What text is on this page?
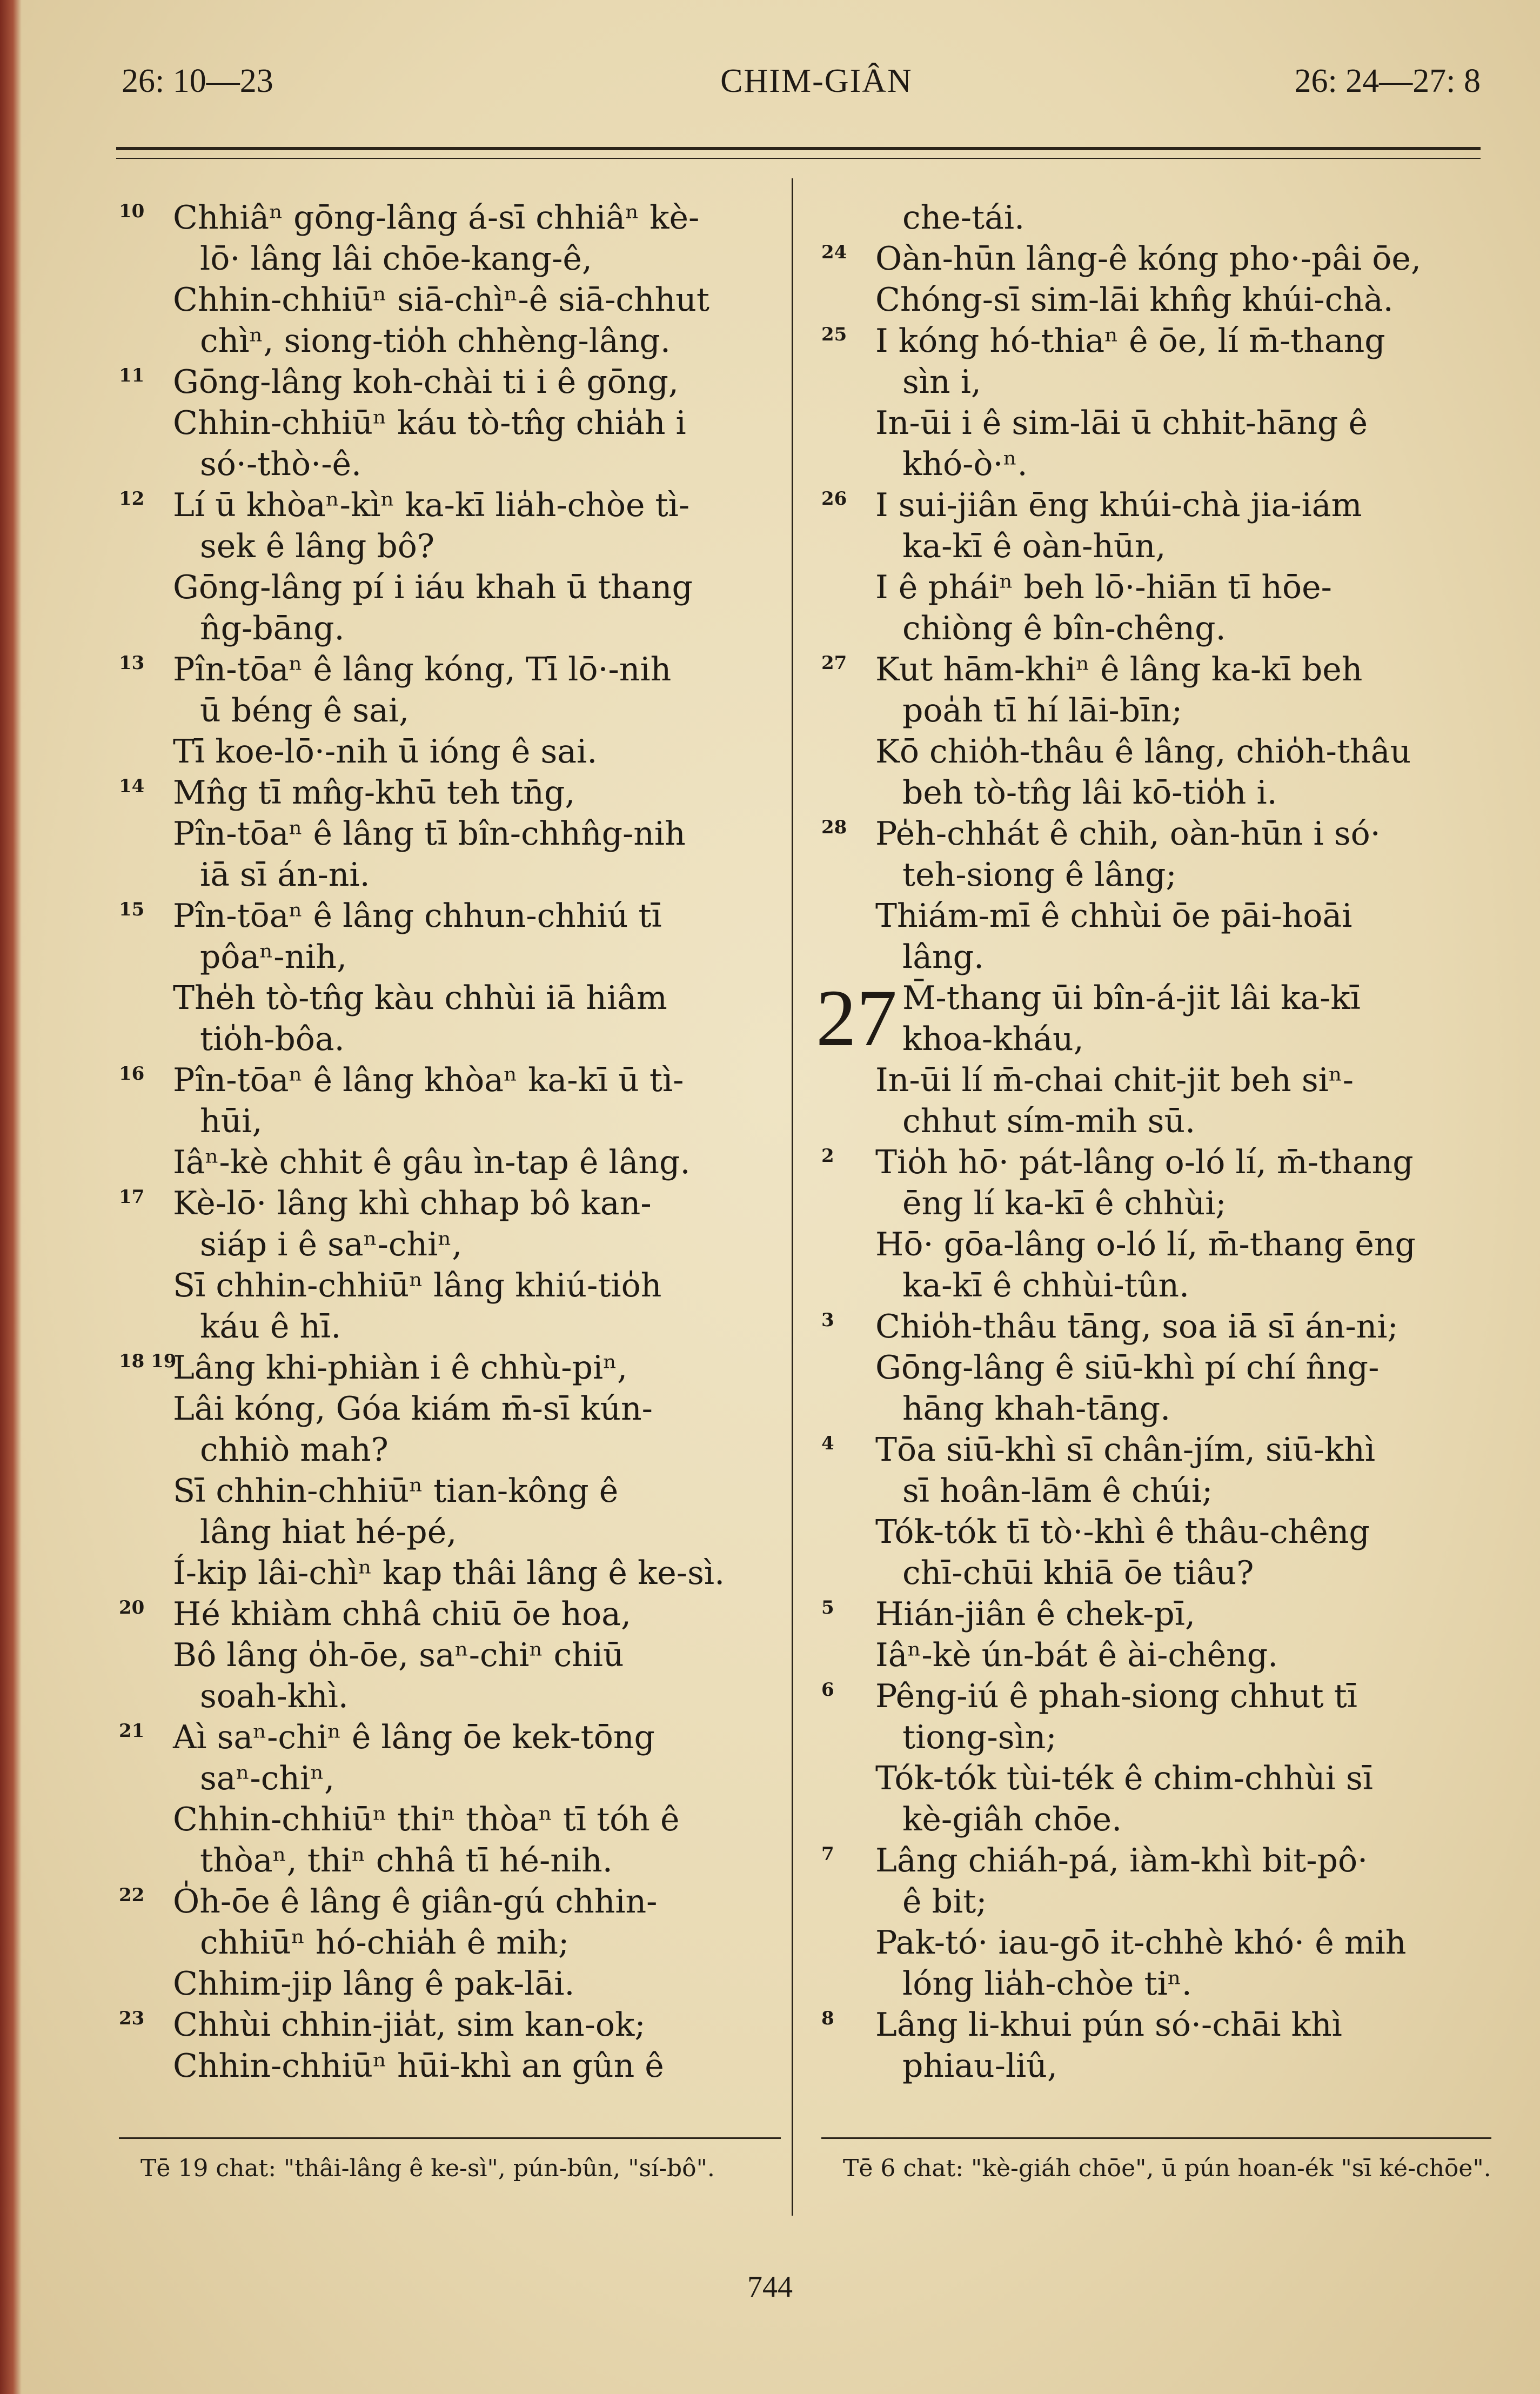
26: 10—23	CHIM-GIÂN	26: 24—27: 8
10 Chhiâⁿ gōng-lâng á-sī chhiâⁿ kè-
lō· lâng lâi chōe-kang-ê,
Chhin-chhiūⁿ siā-chìⁿ-ê siā-chhut
chìⁿ, siong-tio̍h chhèng-lâng.
11 Gōng-lâng koh-chài ti i ê gōng,
Chhin-chhiūⁿ káu tò-tn̂g chia̍h i
só·-thò·-ê.
12 Lí ū khòaⁿ-kìⁿ ka-kī lia̍h-chòe tì-
sek ê lâng bô?
Gōng-lâng pí i iáu khah ū thang
n̂g-bāng.
13 Pîn-tōaⁿ ê lâng kóng, Tī lō·-nih
ū béng ê sai,
Tī koe-lō·-nih ū ióng ê sai.
14 Mn̂g tī mn̂g-khū teh tn̄g,
Pîn-tōaⁿ ê lâng tī bîn-chhn̂g-nih
iā sī án-ni.
15 Pîn-tōaⁿ ê lâng chhun-chhiú tī
pôaⁿ-nih,
The̍h tò-tn̂g kàu chhùi iā hiâm
tio̍h-bôa.
16 Pîn-tōaⁿ ê lâng khòaⁿ ka-kī ū tì-
hūi,
Iâⁿ-kè chhit ê gâu ìn-tap ê lâng.
17 Kè-lō· lâng khì chhap bô kan-
siáp i ê saⁿ-chiⁿ,
Sī chhin-chhiūⁿ lâng khiú-tio̍h
káu ê hī.
18 19
Lâng khi-phiàn i ê chhù-piⁿ,
Lâi kóng, Góa kiám m̄-sī kún-
chhiò mah?
Sī chhin-chhiūⁿ tian-kông ê
lâng hiat hé-pé,
Í-kip lâi-chìⁿ kap thâi lâng ê ke-sì.
20 Hé khiàm chhâ chiū ōe hoa,
Bô lâng o̍h-ōe, saⁿ-chiⁿ chiū
soah-khì.
21 Aì saⁿ-chiⁿ ê lâng ōe kek-tōng
saⁿ-chiⁿ,
Chhin-chhiūⁿ thiⁿ thòaⁿ tī tóh ê
thòaⁿ, thiⁿ chhâ tī hé-nih.
22 O̍h-ōe ê lâng ê giân-gú chhin-
chhiūⁿ hó-chia̍h ê mih;
Chhim-jip lâng ê pak-lāi.
23 Chhùi chhin-jia̍t, sim kan-ok;
Chhin-chhiūⁿ hūi-khì an gûn ê
che-tái.
24 Oàn-hūn lâng-ê kóng pho·-pâi ōe,
Chóng-sī sim-lāi khn̂g khúi-chà.
25 I kóng hó-thiaⁿ ê ōe, lí m̄-thang
sìn i,
In-ūi i ê sim-lāi ū chhit-hāng ê
khó-ò·ⁿ.
26 I sui-jiân ēng khúi-chà jia-iám
ka-kī ê oàn-hūn,
I ê pháiⁿ beh lō·-hiān tī hōe-
chiòng ê bîn-chêng.
27 Kut hām-khiⁿ ê lâng ka-kī beh
poa̍h tī hí lāi-bīn;
Kō chio̍h-thâu ê lâng, chio̍h-thâu
beh tò-tn̂g lâi kō-tio̍h i.
28 Pe̍h-chhát ê chih, oàn-hūn i só·
teh-siong ê lâng;
Thiám-mī ê chhùi ōe pāi-hoāi
lâng.
27 M̄-thang ūi bîn-á-jit lâi ka-kī
khoa-kháu,
In-ūi lí m̄-chai chit-jit beh siⁿ-
chhut sím-mih sū.
2 Tio̍h hō· pát-lâng o-ló lí, m̄-thang
ēng lí ka-kī ê chhùi;
Hō· gōa-lâng o-ló lí, m̄-thang ēng
ka-kī ê chhùi-tûn.
3 Chio̍h-thâu tāng, soa iā sī án-ni;
Gōng-lâng ê siū-khì pí chí n̂ng-
hāng khah-tāng.
4 Tōa siū-khì sī chân-jím, siū-khì
sī hoân-lām ê chúi;
Tók-tók tī tò·-khì ê thâu-chêng
chī-chūi khiā ōe tiâu?
5 Hián-jiân ê chek-pī,
Iâⁿ-kè ún-bát ê ài-chêng.
6 Pêng-iú ê phah-siong chhut tī
tiong-sìn;
Tók-tók tùi-ték ê chim-chhùi sī
kè-giâh chōe.
7 Lâng chiáh-pá, iàm-khì bit-pô·
ê bit;
Pak-tó· iau-gō it-chhè khó· ê mih
lóng lia̍h-chòe tiⁿ.
8 Lâng li-khui pún só·-chāi khì
phiau-liû,
Tē 19 chat: "thâi-lâng ê ke-sì", pún-bûn, "sí-bô".	Tē 6 chat: "kè-giáh chōe", ū pún hoan-ék "sī ké-chōe".
744
